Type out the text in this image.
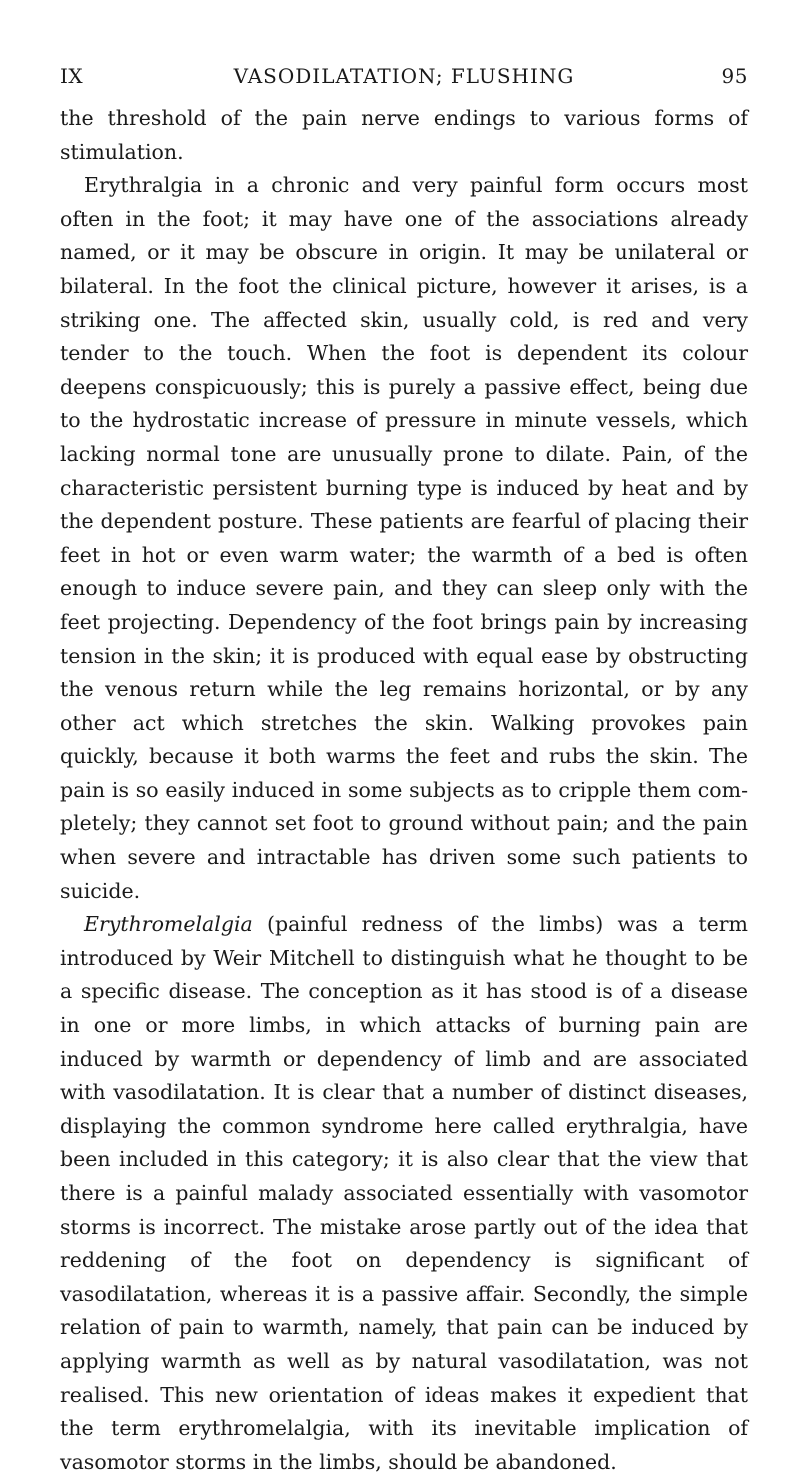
IX	VASODILATATION; FLUSHING	95

the threshold of the pain nerve endings to various forms of stimulation.

Erythralgia in a chronic and very painful form occurs most often in the foot; it may have one of the associations already named, or it may be obscure in origin. It may be unilateral or bilateral. In the foot the clinical picture, however it arises, is a striking one. The affected skin, usually cold, is red and very tender to the touch. When the foot is dependent its colour deepens conspicuously; this is purely a passive effect, being due to the hydrostatic increase of pressure in minute vessels, which lacking normal tone are unusually prone to dilate. Pain, of the characteristic persistent burning type is induced by heat and by the dependent posture. These patients are fearful of placing their feet in hot or even warm water; the warmth of a bed is often enough to induce severe pain, and they can sleep only with the feet projecting. Dependency of the foot brings pain by increasing tension in the skin; it is produced with equal ease by obstructing the venous return while the leg remains horizontal, or by any other act which stretches the skin. Walking provokes pain quickly, because it both warms the feet and rubs the skin. The pain is so easily induced in some subjects as to cripple them completely; they cannot set foot to ground without pain; and the pain when severe and intractable has driven some such patients to suicide.

Erythromelalgia (painful redness of the limbs) was a term introduced by Weir Mitchell to distinguish what he thought to be a specific disease. The conception as it has stood is of a disease in one or more limbs, in which attacks of burning pain are induced by warmth or dependency of limb and are associated with vasodilatation. It is clear that a number of distinct diseases, displaying the common syndrome here called erythralgia, have been included in this category; it is also clear that the view that there is a painful malady associated essentially with vasomotor storms is incorrect. The mistake arose partly out of the idea that reddening of the foot on dependency is significant of vasodilatation, whereas it is a passive affair. Secondly, the simple relation of pain to warmth, namely, that pain can be induced by applying warmth as well as by natural vasodilatation, was not realised. This new orientation of ideas makes it expedient that the term erythromelalgia, with its inevitable implication of vasomotor storms in the limbs, should be abandoned.
